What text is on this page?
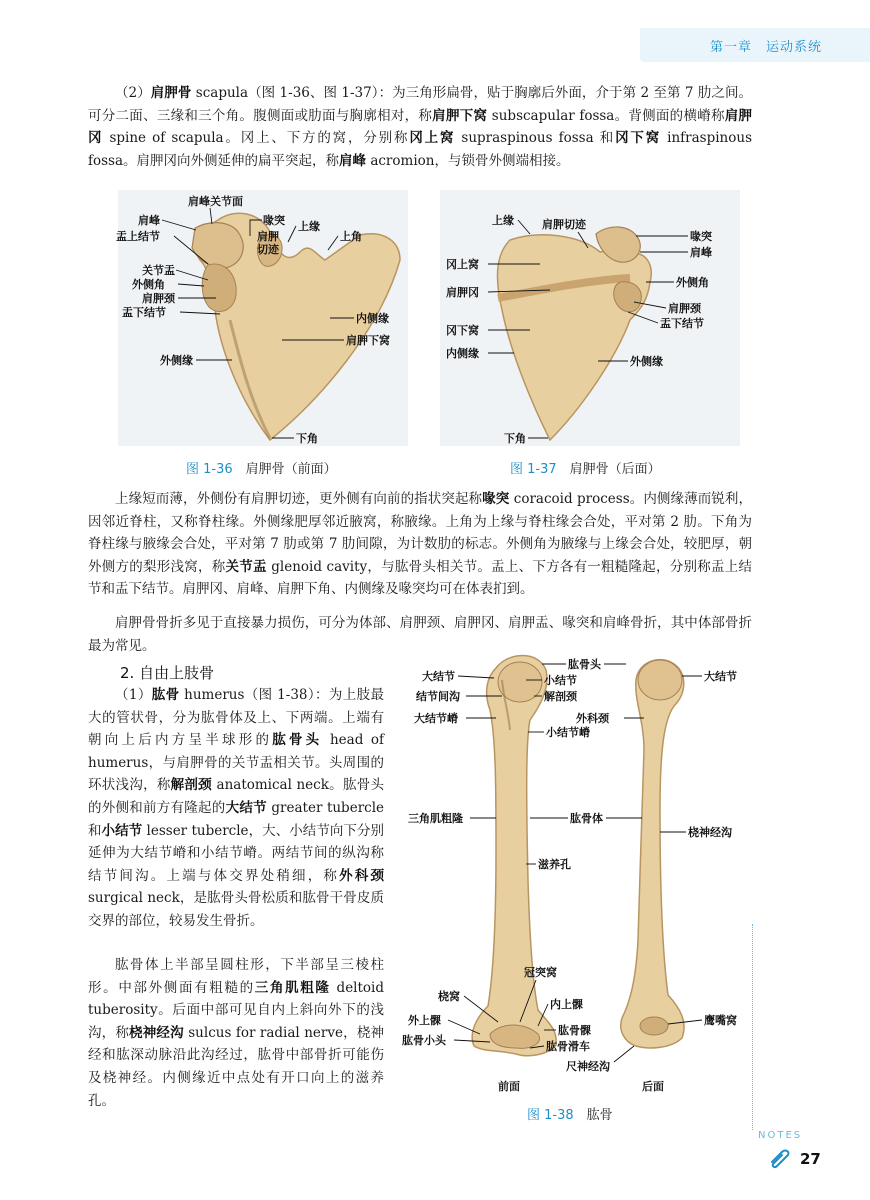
第一章　运动系统

（2）肩胛骨 scapula（图 1-36、图 1-37）：为三角形扁骨，贴于胸廓后外面，介于第 2 至第 7 肋之间。可分二面、三缘和三个角。腹侧面或肋面与胸廓相对，称肩胛下窝 subscapular fossa。背侧面的横嵴称肩胛冈 spine of scapula。冈上、下方的窝，分别称冈上窝 supraspinous fossa 和冈下窝 infraspinous fossa。肩胛冈向外侧延伸的扁平突起，称肩峰 acromion，与锁骨外侧端相接。

肩峰关节面
肩峰
盂上结节
喙突
肩胛
切迹
上缘
上角
关节盂
外侧角
肩胛颈
盂下结节	内侧缘
肩胛下窝
外侧缘
下角
图 1-36　 肩胛骨（前面）
上缘	肩胛切迹
喙突
肩峰
冈上窝
外侧角
肩胛冈
肩胛颈
盂下结节
冈下窝
内侧缘
外侧缘
下角
图 1-37　 肩胛骨（后面）

上缘短而薄，外侧份有肩胛切迹，更外侧有向前的指状突起称喙突 coracoid process。内侧缘薄而锐利，因邻近脊柱，又称脊柱缘。外侧缘肥厚邻近腋窝，称腋缘。上角为上缘与脊柱缘会合处，平对第 2 肋。下角为脊柱缘与腋缘会合处，平对第 7 肋或第 7 肋间隙，为计数肋的标志。外侧角为腋缘与上缘会合处，较肥厚，朝外侧方的梨形浅窝，称关节盂 glenoid cavity，与肱骨头相关节。盂上、下方各有一粗糙隆起，分别称盂上结节和盂下结节。肩胛冈、肩峰、肩胛下角、内侧缘及喙突均可在体表扪到。

肩胛骨骨折多见于直接暴力损伤，可分为体部、肩胛颈、肩胛冈、肩胛盂、喙突和肩峰骨折，其中体部骨折最为常见。

2. 自由上肢骨

（1）肱骨 humerus（图 1-38）：为上肢最大的管状骨，分为肱骨体及上、下两端。上端有朝向上后内方呈半球形的肱骨头 head of humerus，与肩胛骨的关节盂相关节。头周围的环状浅沟，称解剖颈 anatomical neck。肱骨头的外侧和前方有隆起的大结节 greater tubercle 和小结节 lesser tubercle，大、小结节向下分别延伸为大结节嵴和小结节嵴。两结节间的纵沟称结节间沟。上端与体交界处稍细，称外科颈 surgical neck，是肱骨头骨松质和肱骨干骨皮质交界的部位，较易发生骨折。

肱骨体上半部呈圆柱形，下半部呈三棱柱形。中部外侧面有粗糙的三角肌粗隆 deltoid tuberosity。后面中部可见自内上斜向外下的浅沟，称桡神经沟 sulcus for radial nerve，桡神经和肱深动脉沿此沟经过，肱骨中部骨折可能伤及桡神经。内侧缘近中点处有开口向上的滋养孔。

大结节
肱骨头
大结节
小结节
结节间沟	解剖颈
外科颈
大结节嵴
小结节嵴
三角肌粗隆	肱骨体
桡神经沟
滋养孔
冠突窝
桡窝
内上髁
外上髁
肱骨髁
肱骨小头	肱骨滑车
鹰嘴窝
尺神经沟
前面	后面
图 1-38　 肱骨
NOTES
27
